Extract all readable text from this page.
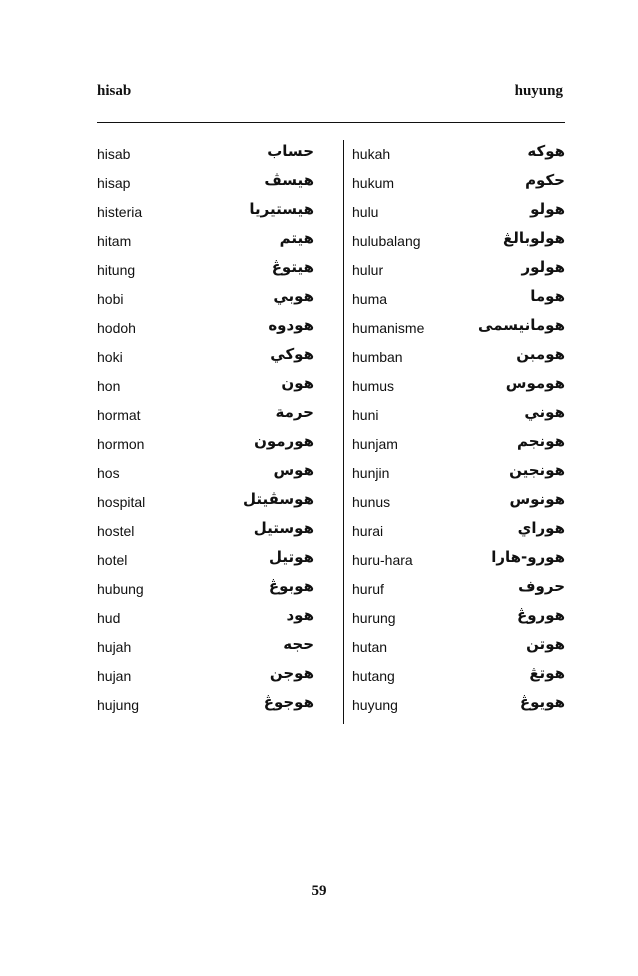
hisab	huyung
hisab	حساب
hisap	هيسڤ
histeria	هيستيريا
hitam	هيتم
hitung	هيتوڠ
hobi	هوبي
hodoh	هودوه
hoki	هوكي
hon	هون
hormat	حرمة
hormon	هورمون
hos	هوس
hospital	هوسڤيتل
hostel	هوستيل
hotel	هوتيل
hubung	هوبوڠ
hud	هود
hujah	حجه
hujan	هوجن
hujung	هوجوڠ
hukah	هوكه
hukum	حكوم
hulu	هولو
hulubalang	هولوبالڠ
hulur	هولور
huma	هوما
humanisme	هومانيسمى
humban	هومبن
humus	هوموس
huni	هوني
hunjam	هونجم
hunjin	هونجين
hunus	هونوس
hurai	هوراي
huru-hara	هورو-هارا
huruf	حروف
hurung	هوروڠ
hutan	هوتن
hutang	هوتڠ
huyung	هويوڠ
59
